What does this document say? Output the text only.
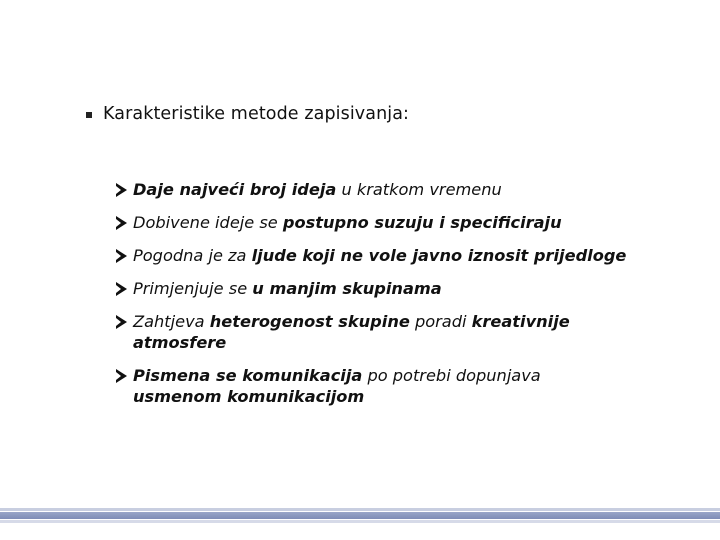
Karakteristike metode zapisivanja:
Daje najveći broj ideja u kratkom vremenu
Dobivene ideje se postupno suzuju i specificiraju
Pogodna je za ljude koji ne vole javno iznosit prijedloge
Primjenjuje se u manjim skupinama
Zahtjeva heterogenost skupine poradi kreativnije
atmosfere
Pismena se komunikacija po potrebi dopunjava
usmenom komunikacijom
